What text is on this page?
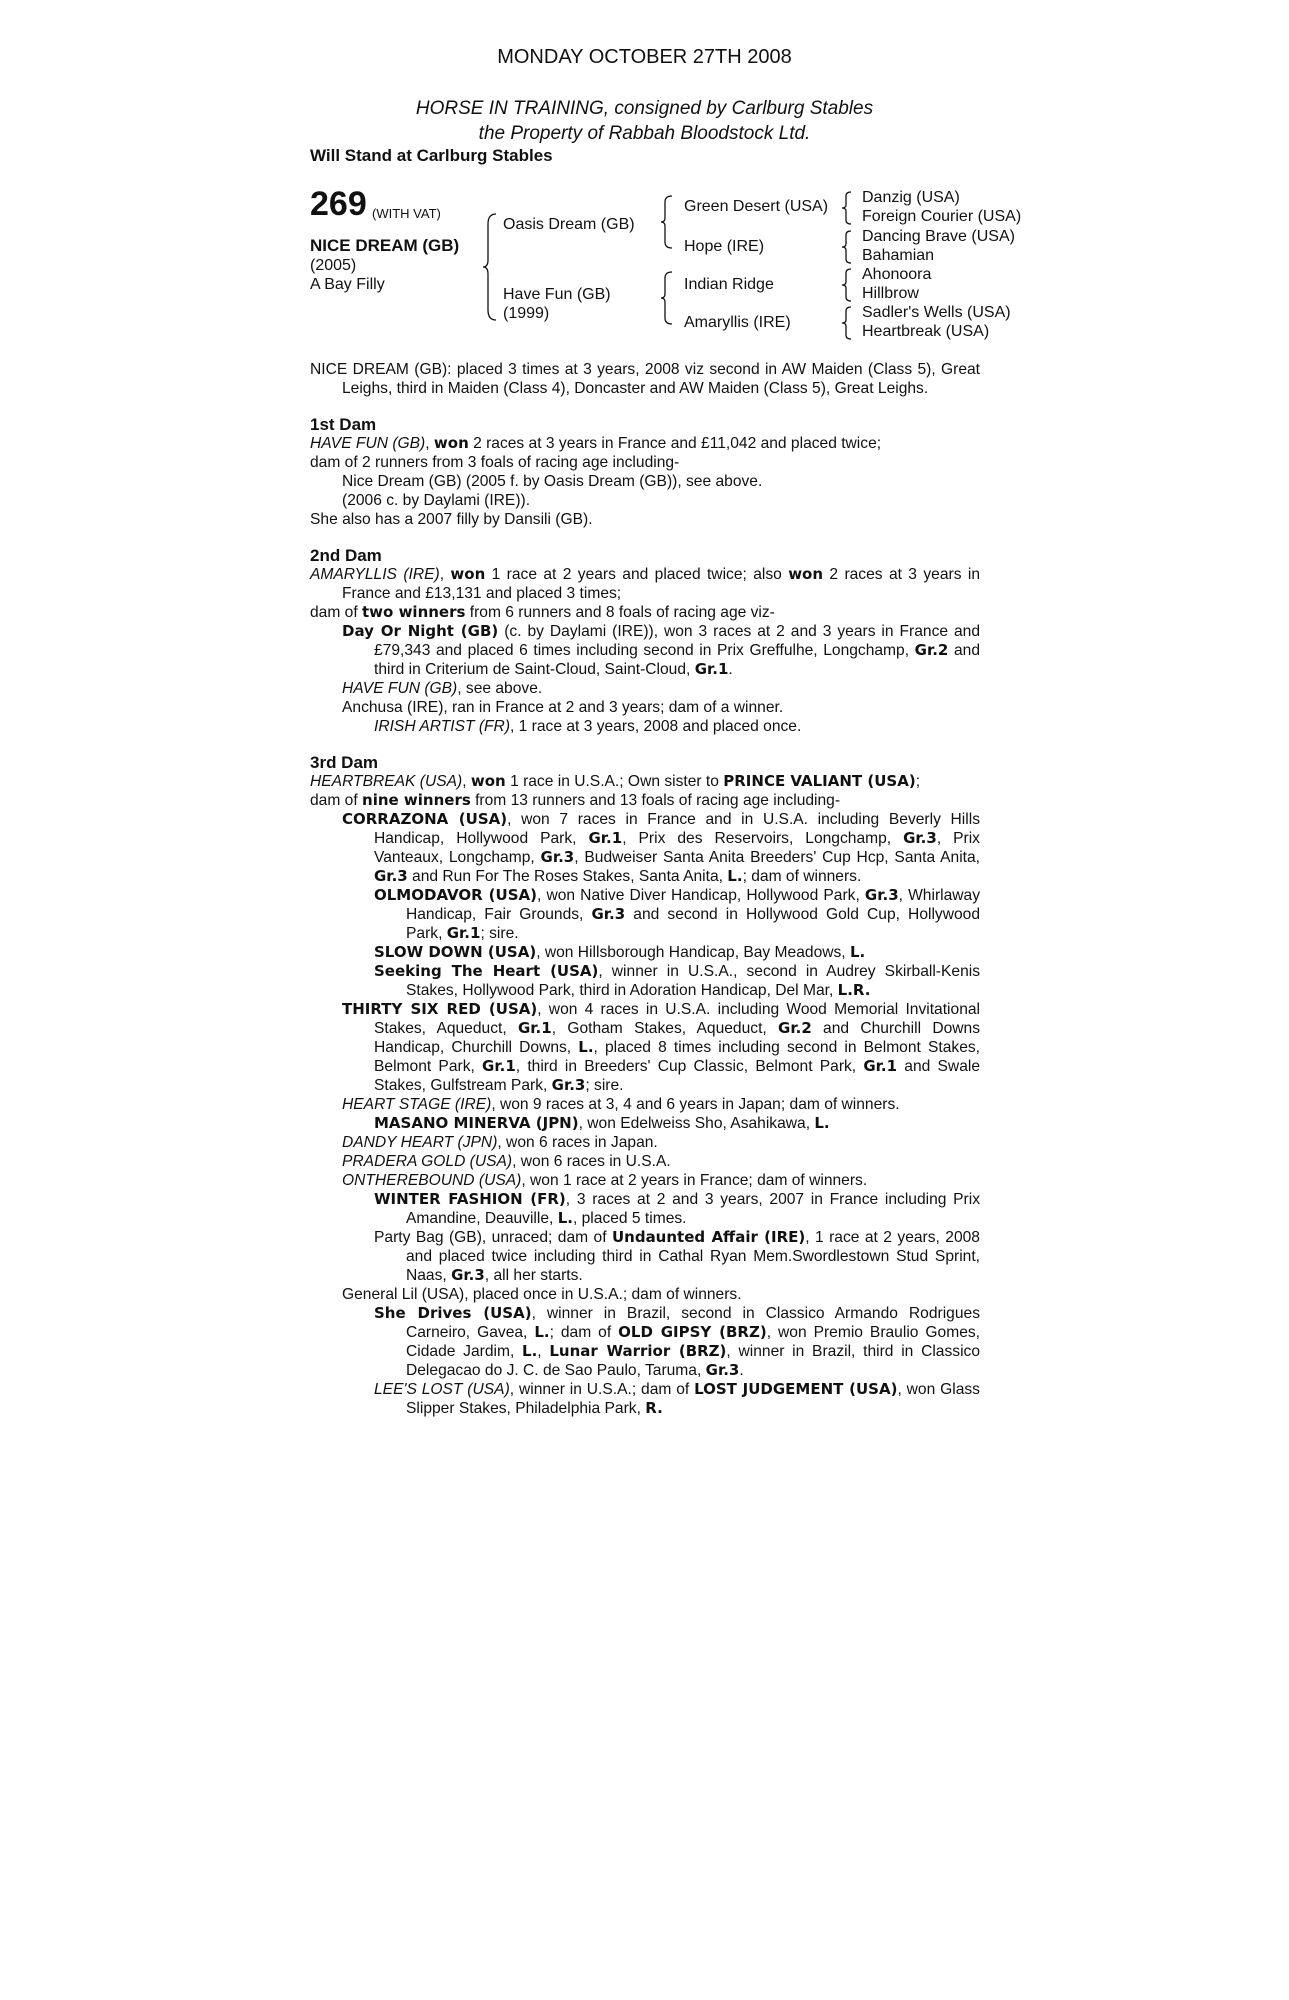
MONDAY OCTOBER 27TH 2008
HORSE IN TRAINING, consigned by Carlburg Stables
the Property of Rabbah Bloodstock Ltd.
Will Stand at Carlburg Stables
269 (WITH VAT)
NICE DREAM (GB)
(2005)
A Bay Filly
Oasis Dream (GB)
Have Fun (GB)
(1999)
Green Desert (USA)
Hope (IRE)
Indian Ridge
Amaryllis (IRE)
Danzig (USA)
Foreign Courier (USA)
Dancing Brave (USA)
Bahamian
Ahonoora
Hillbrow
Sadler's Wells (USA)
Heartbreak (USA)

NICE DREAM (GB): placed 3 times at 3 years, 2008 viz second in AW Maiden (Class 5), Great Leighs, third in Maiden (Class 4), Doncaster and AW Maiden (Class 5), Great Leighs.

1st Dam

HAVE FUN (GB), won 2 races at 3 years in France and £11,042 and placed twice;

dam of 2 runners from 3 foals of racing age including-

Nice Dream (GB) (2005 f. by Oasis Dream (GB)), see above.

(2006 c. by Daylami (IRE)).

She also has a 2007 filly by Dansili (GB).

2nd Dam

AMARYLLIS (IRE), won 1 race at 2 years and placed twice; also won 2 races at 3 years in France and £13,131 and placed 3 times;

dam of two winners from 6 runners and 8 foals of racing age viz-

Day Or Night (GB) (c. by Daylami (IRE)), won 3 races at 2 and 3 years in France and £79,343 and placed 6 times including second in Prix Greffulhe, Longchamp, Gr.2 and third in Criterium de Saint-Cloud, Saint-Cloud, Gr.1.

HAVE FUN (GB), see above.

Anchusa (IRE), ran in France at 2 and 3 years; dam of a winner.

IRISH ARTIST (FR), 1 race at 3 years, 2008 and placed once.

3rd Dam

HEARTBREAK (USA), won 1 race in U.S.A.; Own sister to PRINCE VALIANT (USA);

dam of nine winners from 13 runners and 13 foals of racing age including-

CORRAZONA (USA), won 7 races in France and in U.S.A. including Beverly Hills Handicap, Hollywood Park, Gr.1, Prix des Reservoirs, Longchamp, Gr.3, Prix Vanteaux, Longchamp, Gr.3, Budweiser Santa Anita Breeders' Cup Hcp, Santa Anita, Gr.3 and Run For The Roses Stakes, Santa Anita, L.; dam of winners.

OLMODAVOR (USA), won Native Diver Handicap, Hollywood Park, Gr.3, Whirlaway Handicap, Fair Grounds, Gr.3 and second in Hollywood Gold Cup, Hollywood Park, Gr.1; sire.

SLOW DOWN (USA), won Hillsborough Handicap, Bay Meadows, L.

Seeking The Heart (USA), winner in U.S.A., second in Audrey Skirball-Kenis Stakes, Hollywood Park, third in Adoration Handicap, Del Mar, L.R.

THIRTY SIX RED (USA), won 4 races in U.S.A. including Wood Memorial Invitational Stakes, Aqueduct, Gr.1, Gotham Stakes, Aqueduct, Gr.2 and Churchill Downs Handicap, Churchill Downs, L., placed 8 times including second in Belmont Stakes, Belmont Park, Gr.1, third in Breeders' Cup Classic, Belmont Park, Gr.1 and Swale Stakes, Gulfstream Park, Gr.3; sire.

HEART STAGE (IRE), won 9 races at 3, 4 and 6 years in Japan; dam of winners.

MASANO MINERVA (JPN), won Edelweiss Sho, Asahikawa, L.

DANDY HEART (JPN), won 6 races in Japan.

PRADERA GOLD (USA), won 6 races in U.S.A.

ONTHEREBOUND (USA), won 1 race at 2 years in France; dam of winners.

WINTER FASHION (FR), 3 races at 2 and 3 years, 2007 in France including Prix Amandine, Deauville, L., placed 5 times.

Party Bag (GB), unraced; dam of Undaunted Affair (IRE), 1 race at 2 years, 2008 and placed twice including third in Cathal Ryan Mem.Swordlestown Stud Sprint, Naas, Gr.3, all her starts.

General Lil (USA), placed once in U.S.A.; dam of winners.

She Drives (USA), winner in Brazil, second in Classico Armando Rodrigues Carneiro, Gavea, L.; dam of OLD GIPSY (BRZ), won Premio Braulio Gomes, Cidade Jardim, L., Lunar Warrior (BRZ), winner in Brazil, third in Classico Delegacao do J. C. de Sao Paulo, Taruma, Gr.3.

LEE'S LOST (USA), winner in U.S.A.; dam of LOST JUDGEMENT (USA), won Glass Slipper Stakes, Philadelphia Park, R.
